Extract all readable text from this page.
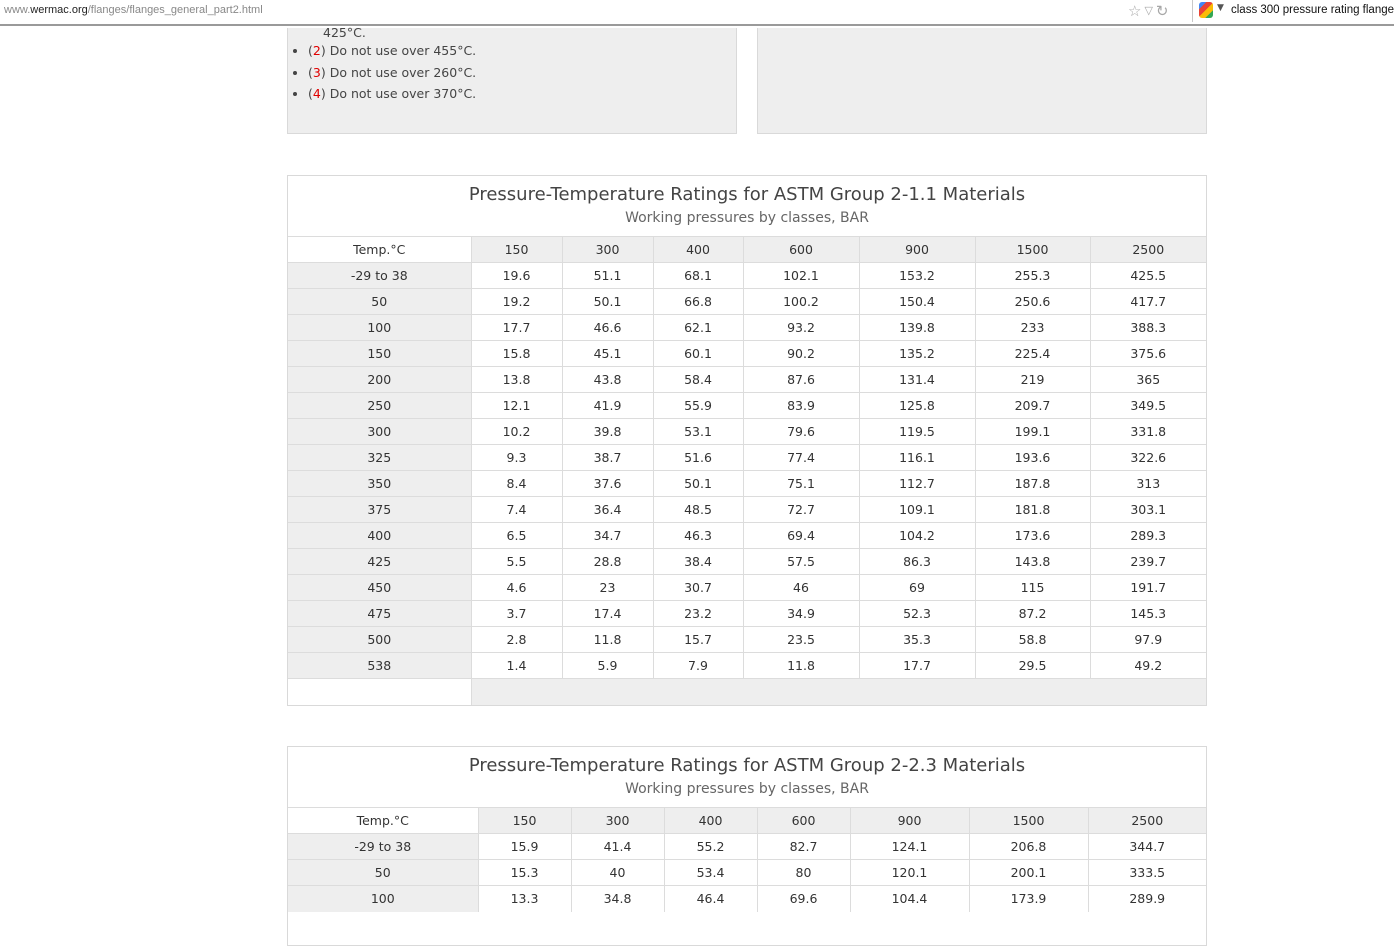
www.wermac.org/flanges/flanges_general_part2.html	☆ ▽ ↻	▼ class 300 pressure rating flange
425°C.
• (2) Do not use over 455°C.
• (3) Do not use over 260°C.
• (4) Do not use over 370°C.
Pressure-Temperature Ratings for ASTM Group 2-1.1 Materials
Working pressures by classes, BAR
Temp.°C	150	300	400	600	900	1500	2500
-29 to 38	19.6	51.1	68.1	102.1	153.2	255.3	425.5
50	19.2	50.1	66.8	100.2	150.4	250.6	417.7
100	17.7	46.6	62.1	93.2	139.8	233	388.3
150	15.8	45.1	60.1	90.2	135.2	225.4	375.6
200	13.8	43.8	58.4	87.6	131.4	219	365
250	12.1	41.9	55.9	83.9	125.8	209.7	349.5
300	10.2	39.8	53.1	79.6	119.5	199.1	331.8
325	9.3	38.7	51.6	77.4	116.1	193.6	322.6
350	8.4	37.6	50.1	75.1	112.7	187.8	313
375	7.4	36.4	48.5	72.7	109.1	181.8	303.1
400	6.5	34.7	46.3	69.4	104.2	173.6	289.3
425	5.5	28.8	38.4	57.5	86.3	143.8	239.7
450	4.6	23	30.7	46	69	115	191.7
475	3.7	17.4	23.2	34.9	52.3	87.2	145.3
500	2.8	11.8	15.7	23.5	35.3	58.8	97.9
538	1.4	5.9	7.9	11.8	17.7	29.5	49.2

Pressure-Temperature Ratings for ASTM Group 2-2.3 Materials
Working pressures by classes, BAR
Temp.°C	150	300	400	600	900	1500	2500
-29 to 38	15.9	41.4	55.2	82.7	124.1	206.8	344.7
50	15.3	40	53.4	80	120.1	200.1	333.5
100	13.3	34.8	46.4	69.6	104.4	173.9	289.9
